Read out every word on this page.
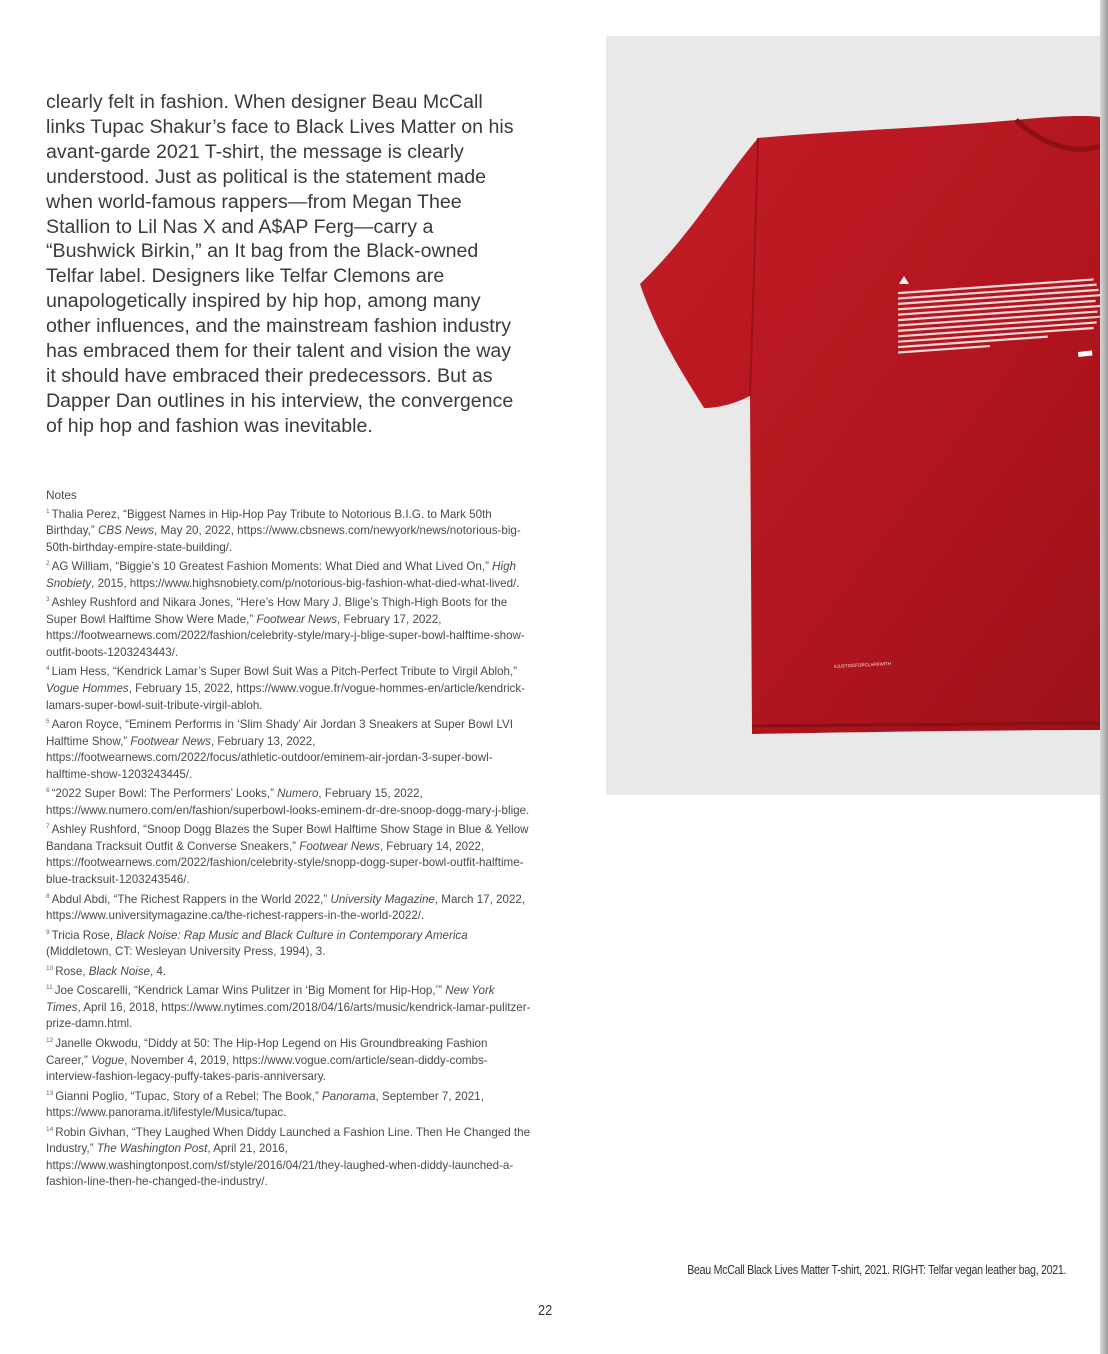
clearly felt in fashion. When designer Beau McCall links Tupac Shakur’s face to Black Lives Matter on his avant-garde 2021 T-shirt, the message is clearly understood. Just as political is the statement made when world-famous rappers—from Megan Thee Stallion to Lil Nas X and A$AP Ferg—carry a “Bushwick Birkin,” an It bag from the Black-owned Telfar label. Designers like Telfar Clemons are unapologetically inspired by hip hop, among many other influences, and the mainstream fashion industry has embraced them for their talent and vision the way it should have embraced their predecessors. But as Dapper Dan outlines in his interview, the convergence of hip hop and fashion was inevitable.

Notes

$^1$ Thalia Perez, “Biggest Names in Hip-Hop Pay Tribute to Notorious B.I.G. to Mark 50th Birthday,” CBS News, May 20, 2022, https://www.cbsnews.com/newyork/news/notorious-big-50th-birthday-empire-state-building/.

$^2$ AG William, “Biggie’s 10 Greatest Fashion Moments: What Died and What Lived On,” High Snobiety, 2015, https://www.highsnobiety.com/p/notorious-big-fashion-what-died-what-lived/.

$^3$ Ashley Rushford and Nikara Jones, “Here’s How Mary J. Blige’s Thigh-High Boots for the Super Bowl Halftime Show Were Made,” Footwear News, February 17, 2022, https://footwearnews.com/2022/fashion/celebrity-style/mary-j-blige-super-bowl-halftime-show-outfit-boots-1203243443/.

$^4$ Liam Hess, “Kendrick Lamar’s Super Bowl Suit Was a Pitch-Perfect Tribute to Virgil Abloh,” Vogue Hommes, February 15, 2022, https://www.vogue.fr/vogue-hommes-en/article/kendrick-lamars-super-bowl-suit-tribute-virgil-abloh.

$^5$ Aaron Royce, “Eminem Performs in ‘Slim Shady’ Air Jordan 3 Sneakers at Super Bowl LVI Halftime Show,” Footwear News, February 13, 2022, https://footwearnews.com/2022/focus/athletic-outdoor/eminem-air-jordan-3-super-bowl-halftime-show-1203243445/.

$^6$ “2022 Super Bowl: The Performers’ Looks,” Numero, February 15, 2022, https://www.numero.com/en/fashion/superbowl-looks-eminem-dr-dre-snoop-dogg-mary-j-blige.

$^7$ Ashley Rushford, “Snoop Dogg Blazes the Super Bowl Halftime Show Stage in Blue & Yellow Bandana Tracksuit Outfit & Converse Sneakers,” Footwear News, February 14, 2022, https://footwearnews.com/2022/fashion/celebrity-style/snopp-dogg-super-bowl-outfit-halftime-blue-tracksuit-1203243546/.

$^8$ Abdul Abdi, “The Richest Rappers in the World 2022,” University Magazine, March 17, 2022, https://www.universitymagazine.ca/the-richest-rappers-in-the-world-2022/.

$^9$ Tricia Rose, Black Noise: Rap Music and Black Culture in Contemporary America (Middletown, CT: Wesleyan University Press, 1994), 3.

$^{10}$ Rose, Black Noise, 4.

$^{11}$ Joe Coscarelli, “Kendrick Lamar Wins Pulitzer in ‘Big Moment for Hip-Hop,’” New York Times, April 16, 2018, https://www.nytimes.com/2018/04/16/arts/music/kendrick-lamar-pulitzer-prize-damn.html.

$^{12}$ Janelle Okwodu, “Diddy at 50: The Hip-Hop Legend on His Groundbreaking Fashion Career,” Vogue, November 4, 2019, https://www.vogue.com/article/sean-diddy-combs-interview-fashion-legacy-puffy-takes-paris-anniversary.

$^{13}$ Gianni Poglio, “Tupac, Story of a Rebel: The Book,” Panorama, September 7, 2021, https://www.panorama.it/lifestyle/Musica/tupac.

$^{14}$ Robin Givhan, “They Laughed When Diddy Launched a Fashion Line. Then He Changed the Industry,” The Washington Post, April 21, 2016, https://www.washingtonpost.com/sf/style/2016/04/21/they-laughed-when-diddy-launched-a-fashion-line-then-he-changed-the-industry/.

#JUSTICEFORCLARKWITH
Beau McCall Black Lives Matter T-shirt, 2021. RIGHT: Telfar vegan leather bag, 2021.
22
